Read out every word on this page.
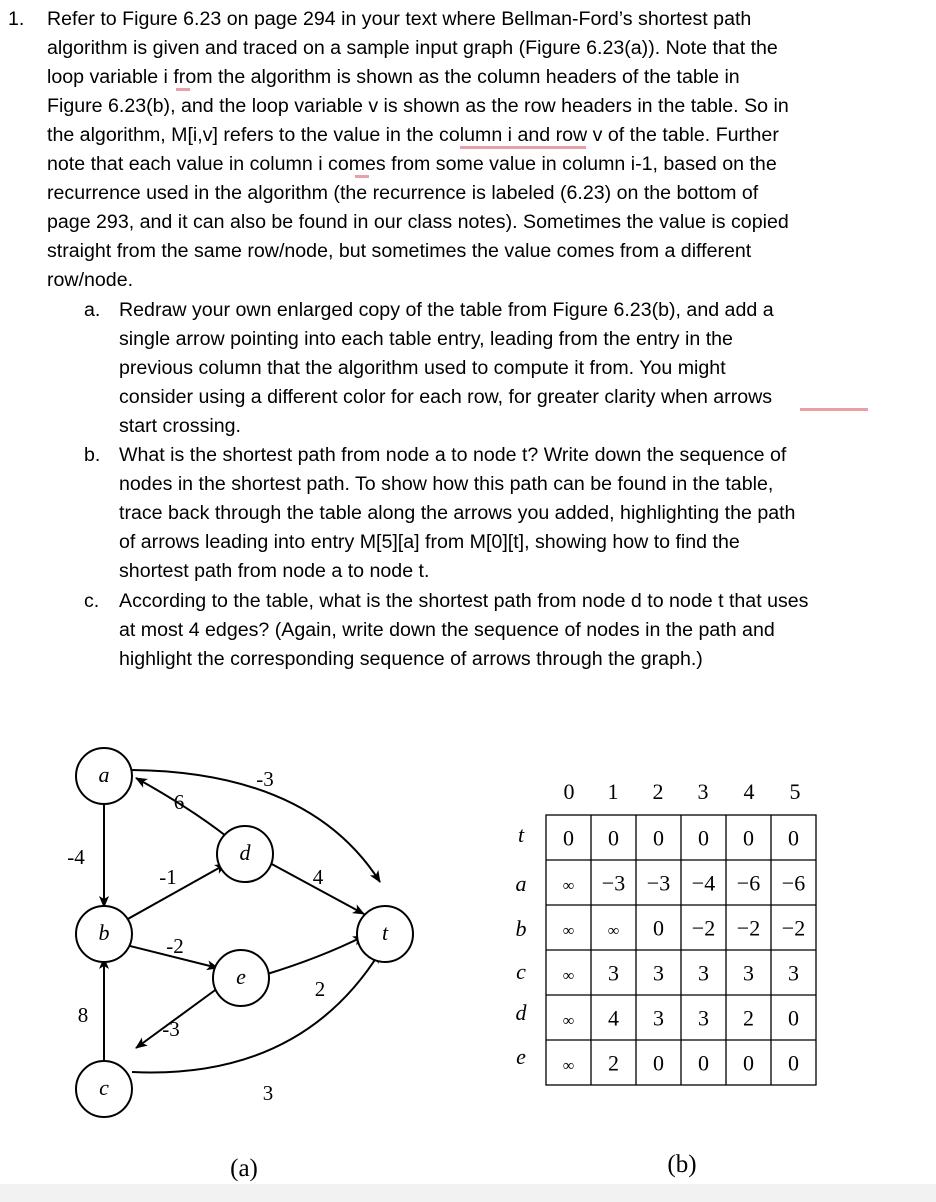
1. Refer to Figure 6.23 on page 294 in your text where Bellman-Ford’s shortest path
algorithm is given and traced on a sample input graph (Figure 6.23(a)). Note that the
loop variable i from the algorithm is shown as the column headers of the table in
Figure 6.23(b), and the loop variable v is shown as the row headers in the table. So in
the algorithm, M[i,v] refers to the value in the column i and row v of the table. Further
note that each value in column i comes from some value in column i-1, based on the
recurrence used in the algorithm (the recurrence is labeled (6.23) on the bottom of
page 293, and it can also be found in our class notes). Sometimes the value is copied
straight from the same row/node, but sometimes the value comes from a different
row/node.
a. Redraw your own enlarged copy of the table from Figure 6.23(b), and add a
single arrow pointing into each table entry, leading from the entry in the
previous column that the algorithm used to compute it from. You might
consider using a different color for each row, for greater clarity when arrows
start crossing.
b. What is the shortest path from node a to node t? Write down the sequence of
nodes in the shortest path. To show how this path can be found in the table,
trace back through the table along the arrows you added, highlighting the path
of arrows leading into entry M[5][a] from M[0][t], showing how to find the
shortest path from node a to node t.
c. According to the table, what is the shortest path from node d to node t that uses
at most 4 edges? (Again, write down the sequence of nodes in the path and
highlight the corresponding sequence of arrows through the graph.)
a
b
c
d
e
t
6
-3
-4
-1	4
-2
2
-3
8
3
(a)
0 1 2 3 4 5
t
a
b
c
d
e
0 0 0 0 0 0
∞ −3 −3 −4 −6 −6
∞ ∞ 0 −2 −2 −2
∞ 3 3 3 3 3
∞ 4 3 3 2 0
∞ 2 0 0 0 0
(b)
